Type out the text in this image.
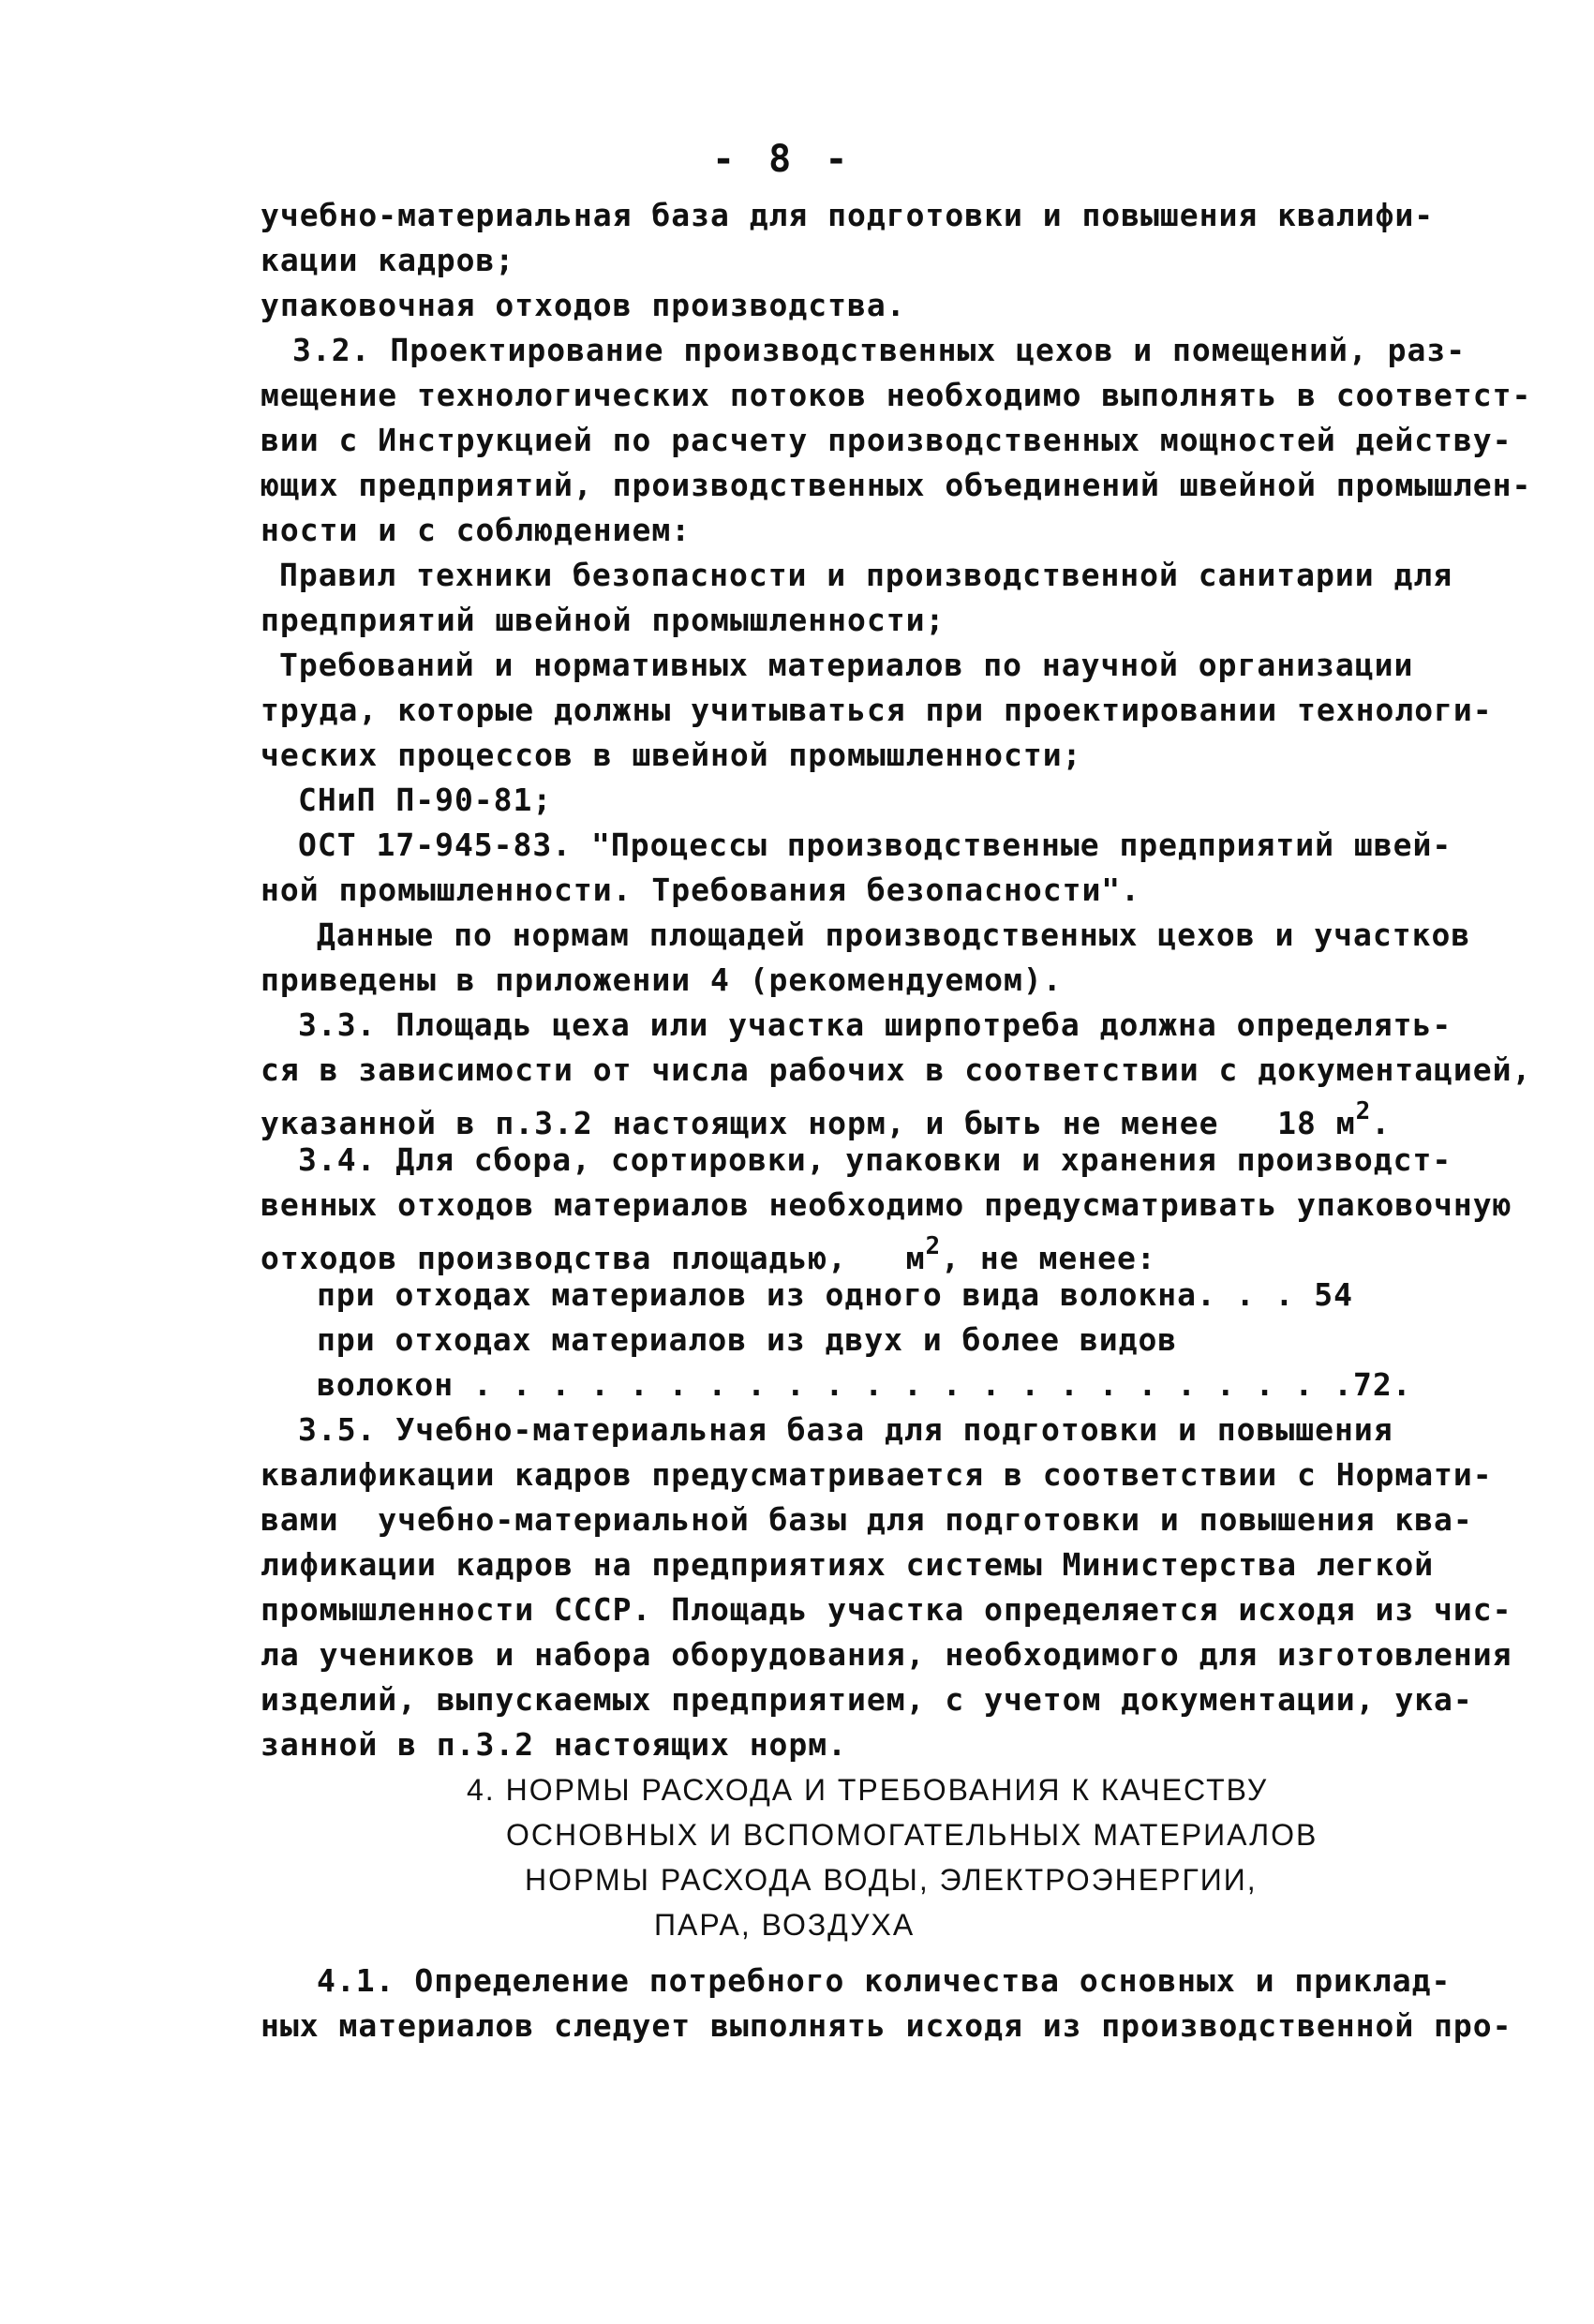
- 8 -
учебно-материальная база для подготовки и повышения квалифи-
кации кадров;
упаковочная отходов производства.
3.2. Проектирование производственных цехов и помещений, раз-
мещение технологических потоков необходимо выполнять в соответст-
вии с Инструкцией по расчету производственных мощностей действу-
ющих предприятий, производственных объединений швейной промышлен-
ности и с соблюдением:
Правил техники безопасности и производственной санитарии для
предприятий швейной промышленности;
Требований и нормативных материалов по научной организации
труда, которые должны учитываться при проектировании технологи-
ческих процессов в швейной промышленности;
СНиП П-90-81;
ОСТ 17-945-83. "Процессы производственные предприятий швей-
ной промышленности. Требования безопасности".
Данные по нормам площадей производственных цехов и участков
приведены в приложении 4 (рекомендуемом).
3.3. Площадь цеха или участка ширпотреба должна определять-
ся в зависимости от числа рабочих в соответствии с документацией,
указанной в п.3.2 настоящих норм, и быть не менее   18 $м^2$.
3.4. Для сбора, сортировки, упаковки и хранения производст-
венных отходов материалов необходимо предусматривать упаковочную
отходов производства площадью,   $м^2$, не менее:
при отходах материалов из одного вида волокна. . . 54
при отходах материалов из двух и более видов
волокон . . . . . . . . . . . . . . . . . . . . . . .72.
3.5. Учебно-материальная база для подготовки и повышения
квалификации кадров предусматривается в соответствии с Нормати-
вами  учебно-материальной базы для подготовки и повышения ква-
лификации кадров на предприятиях системы Министерства легкой
промышленности СССР. Площадь участка определяется исходя из чис-
ла учеников и набора оборудования, необходимого для изготовления
изделий, выпускаемых предприятием, с учетом документации, ука-
занной в п.3.2 настоящих норм.
4. НОРМЫ РАСХОДА И ТРЕБОВАНИЯ К КАЧЕСТВУ
ОСНОВНЫХ И ВСПОМОГАТЕЛЬНЫХ МАТЕРИАЛОВ
НОРМЫ РАСХОДА ВОДЫ, ЭЛЕКТРОЭНЕРГИИ,
ПАРА, ВОЗДУХА
4.1. Определение потребного количества основных и приклад-
ных материалов следует выполнять исходя из производственной про-
